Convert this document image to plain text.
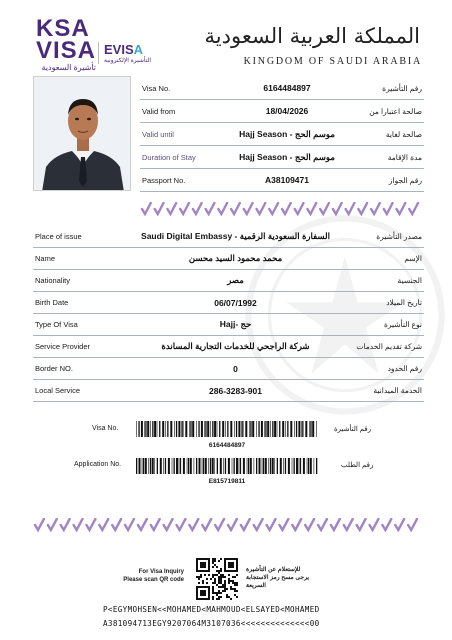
KSA
VISA
تأشيرة السعودية
EVISA
التأشيرة الإلكترونية
المملكة العربية السعودية
KINGDOM OF SAUDI ARABIA
Visa No.	6164484897	رقم التأشيرة
Valid from	18/04/2026	صالحة اعتبارا من
Valid until	Hajj Season - موسم الحج	صالحة لغاية
Duration of Stay	Hajj Season - موسم الحج	مدة الإقامة
Passport No.	A38109471	رقم الجواز
Place of issue	Saudi Digital Embassy - السفارة السعودية الرقمية	مصدر التأشيرة
Name	محمد محمود السيد محسن	الإسم
Nationality	مصر	الجنسية
Birth Date	06/07/1992	تاريخ الميلاد
Type Of Visa	Hajj- حج	نوع التأشيرة
Service Provider	شركة الراجحي للخدمات التجارية المساندة	شركة تقديم الخدمات
Border NO.	0	رقم الحدود
Local Service	286-3283-901	الخدمة الميدانية
Visa No.	رقم التأشيرة
6164484897
Application No.	رقم الطلب
E815719811
For Visa Inquiry
Please scan QR code
للإستعلام عن التأشيرة
يرجى مسح رمز الاستجابة السريعة
P<EGYMOHSEN<<MOHAMED<MAHMOUD<ELSAYED<MOHAMED
A381094713EGY9207064M3107036<<<<<<<<<<<<<<00
